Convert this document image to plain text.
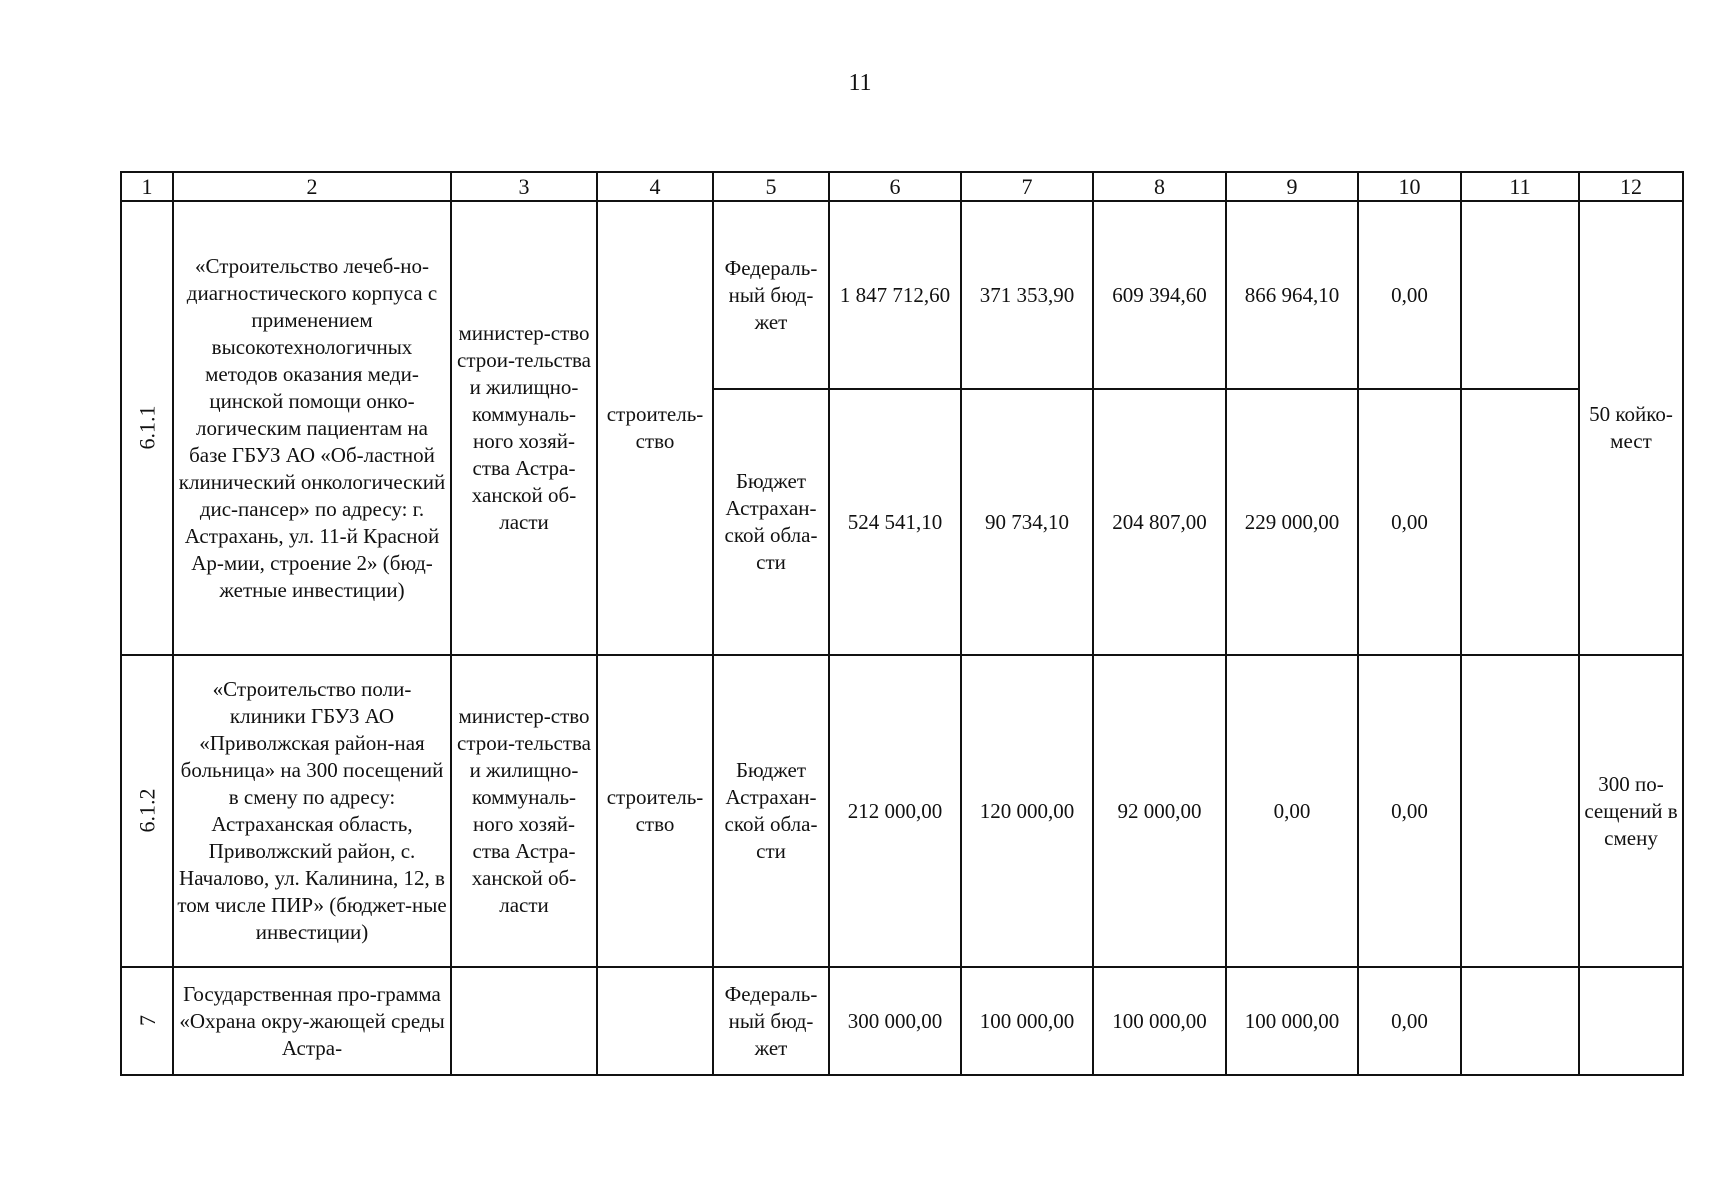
11
1	2	3	4	5	6	7	8	9	10	11	12
6.1.1	«Строительство лечеб-но-диагностического корпуса с применением высокотехнологичных методов оказания меди-цинской помощи онко-логическим пациентам на базе ГБУЗ АО «Об-ластной клинический онкологический дис-пансер» по адресу: г. Астрахань, ул. 11-й Красной Ар-мии, строение 2» (бюд-жетные инвестиции)	министер-ство строи-тельства и жилищно-коммуналь-ного хозяй-ства Астра-ханской об-ласти	строитель-ство	Федераль-ный бюд-жет	1 847 712,60	371 353,90	609 394,60	866 964,10	0,00		50 койко-мест
				Бюджет Астрахан-ской обла-сти	524 541,10	90 734,10	204 807,00	229 000,00	0,00		
6.1.2	«Строительство поли-клиники ГБУЗ АО «Приволжская район-ная больница» на 300 посещений в смену по адресу: Астраханская область, Приволжский район, с. Началово, ул. Калинина, 12, в том числе ПИР» (бюджет-ные инвестиции)	министер-ство строи-тельства и жилищно-коммуналь-ного хозяй-ства Астра-ханской об-ласти	строитель-ство	Бюджет Астрахан-ской обла-сти	212 000,00	120 000,00	92 000,00	0,00	0,00		300 по-сещений в смену
7	Государственная про-грамма «Охрана окру-жающей среды Астра-			Федераль-ный бюд-жет	300 000,00	100 000,00	100 000,00	100 000,00	0,00		
